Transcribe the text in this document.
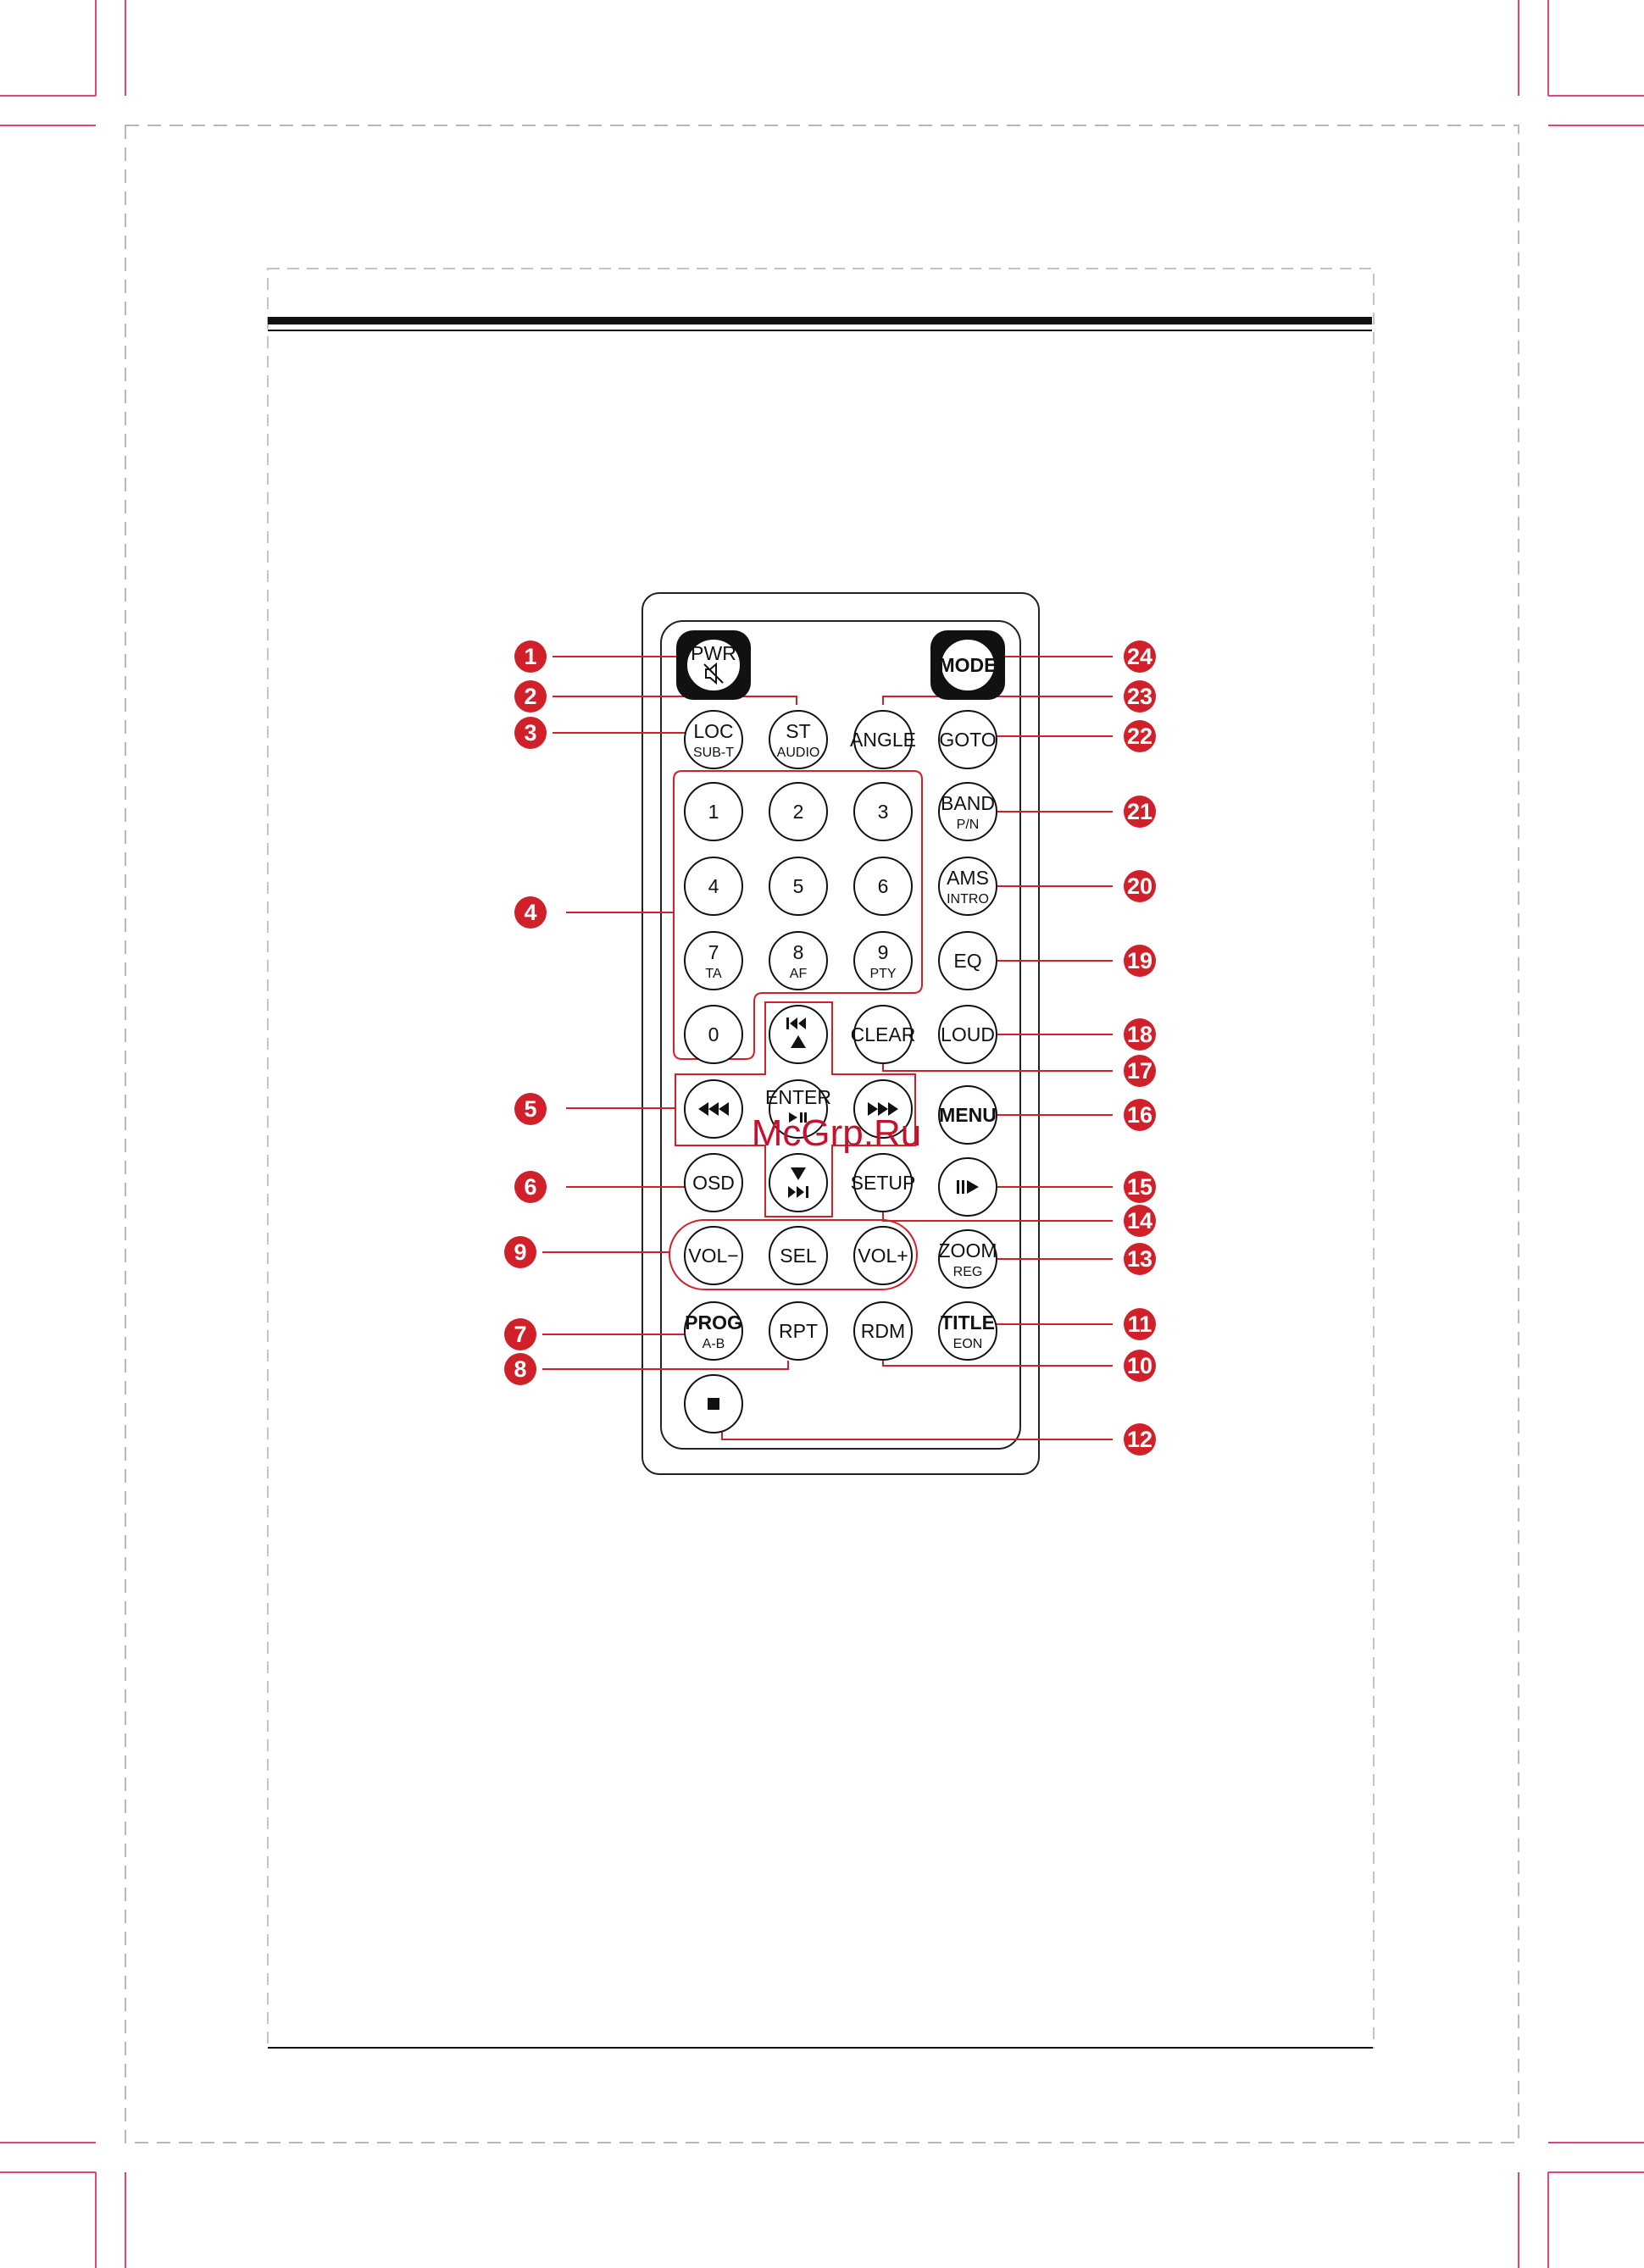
PWR
MODE
LOC
SUB-T
ST
AUDIO
ANGLE GOTO
1	2	3	BAND
P/N
4	5	6	AMS
INTRO
7
TA
8
AF
9
PTY
EQ
0	CLEAR LOUD
ENTER
MENU
OSD	SETUP
VOL− SEL VOL+ ZOOM
REG
PROG
A-B
RPT RDM TITLE
EON
McGrp.Ru
1
2
3
4
5
6
7
8
9
10
11
12
13
14
15
16
17
18
19
20
21
22
23
24
